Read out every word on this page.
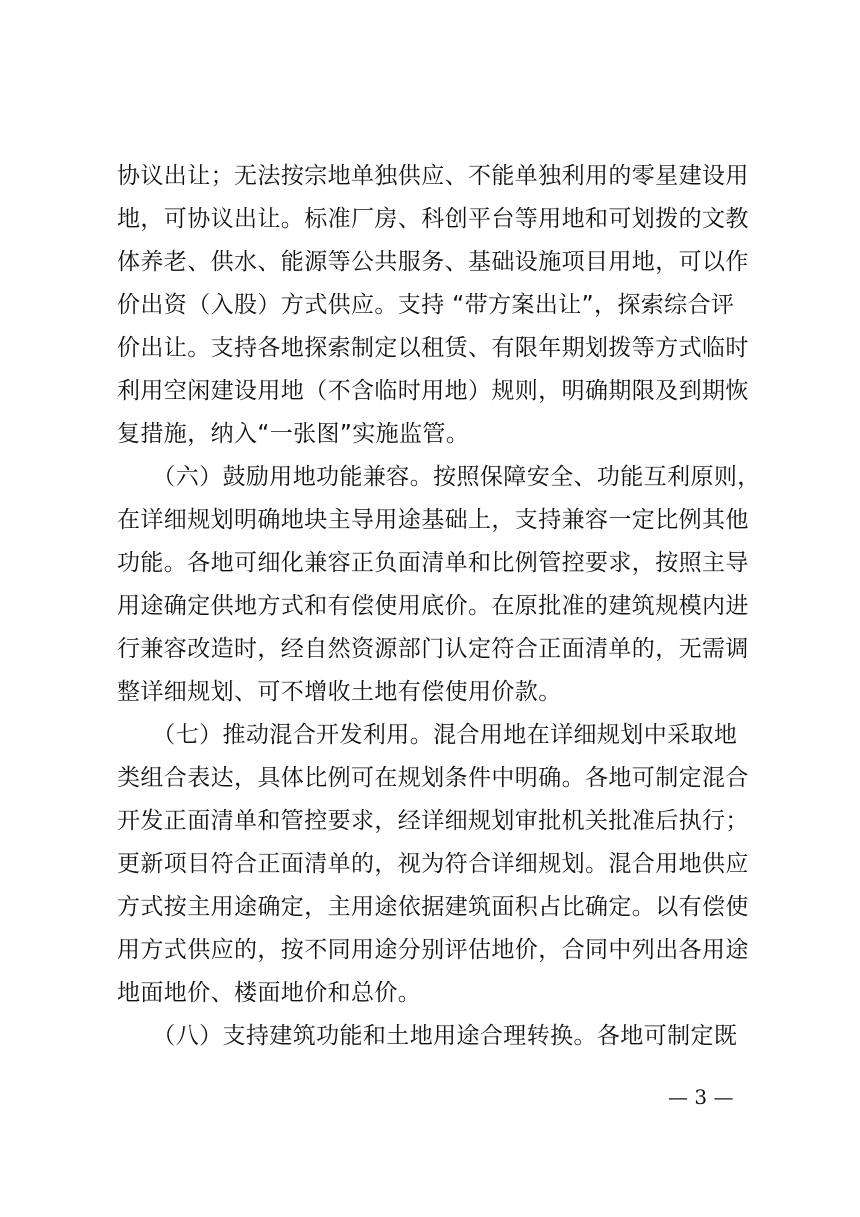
协议出让；无法按宗地单独供应、不能单独利用的零星建设用
地，可协议出让。标准厂房、科创平台等用地和可划拨的文教
体养老、供水、能源等公共服务、基础设施项目用地，可以作
价出资（入股）方式供应。支持 “带方案出让”，探索综合评
价出让。支持各地探索制定以租赁、有限年期划拨等方式临时
利用空闲建设用地（不含临时用地）规则，明确期限及到期恢
复措施，纳入“一张图”实施监管。
　　（六）鼓励用地功能兼容。按照保障安全、功能互利原则，
在详细规划明确地块主导用途基础上，支持兼容一定比例其他
功能。各地可细化兼容正负面清单和比例管控要求，按照主导
用途确定供地方式和有偿使用底价。在原批准的建筑规模内进
行兼容改造时，经自然资源部门认定符合正面清单的，无需调
整详细规划、可不增收土地有偿使用价款。
　　（七）推动混合开发利用。混合用地在详细规划中采取地
类组合表达，具体比例可在规划条件中明确。各地可制定混合
开发正面清单和管控要求，经详细规划审批机关批准后执行；
更新项目符合正面清单的，视为符合详细规划。混合用地供应
方式按主用途确定，主用途依据建筑面积占比确定。以有偿使
用方式供应的，按不同用途分别评估地价，合同中列出各用途
地面地价、楼面地价和总价。
　　（八）支持建筑功能和土地用途合理转换。各地可制定既
— 3 —
